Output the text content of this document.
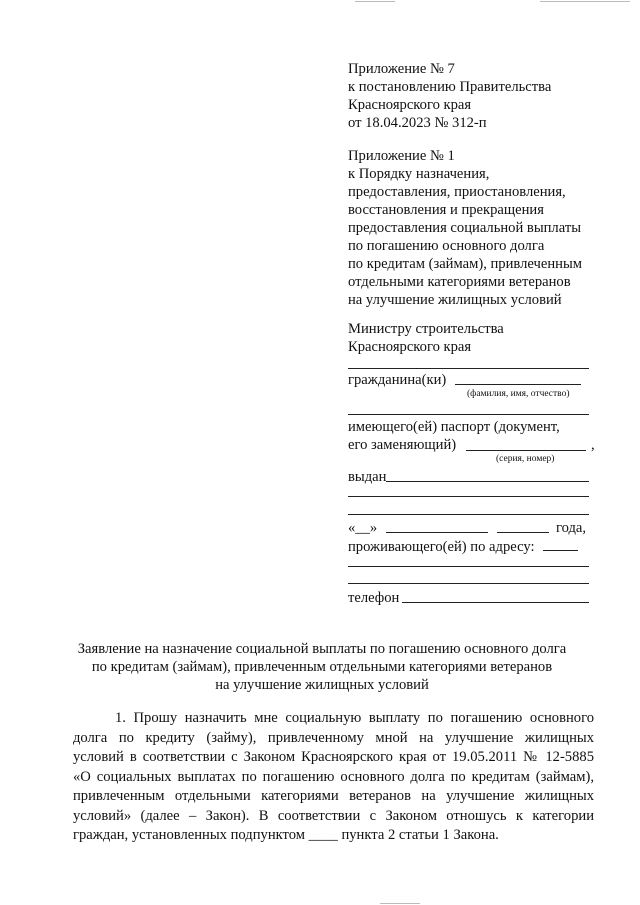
Приложение № 7
к постановлению Правительства
Красноярского края
от 18.04.2023 № 312-п
Приложение № 1
к Порядку назначения,
предоставления, приостановления,
восстановления и прекращения
предоставления социальной выплаты
по погашению основного долга
по кредитам (займам), привлеченным
отдельными категориями ветеранов
на улучшение жилищных условий
Министру строительства
Красноярского края
гражданина(ки)
(фамилия, имя, отчество)
имеющего(ей) паспорт (документ,
его заменяющий)	,
(серия, номер)
выдан
«__»	года,
проживающего(ей) по адресу:
телефон
Заявление на назначение социальной выплаты по погашению основного долга
по кредитам (займам), привлеченным отдельными категориями ветеранов
на улучшение жилищных условий
1. Прошу назначить мне социальную выплату по погашению основного
долга по кредиту (займу), привлеченному мной на улучшение жилищных
условий в соответствии с Законом Красноярского края от 19.05.2011 № 12-5885
«О социальных выплатах по погашению основного долга по кредитам (займам),
привлеченным отдельными категориями ветеранов на улучшение жилищных
условий» (далее – Закон). В соответствии с Законом отношусь к категории
граждан, установленных подпунктом ____ пункта 2 статьи 1 Закона.
